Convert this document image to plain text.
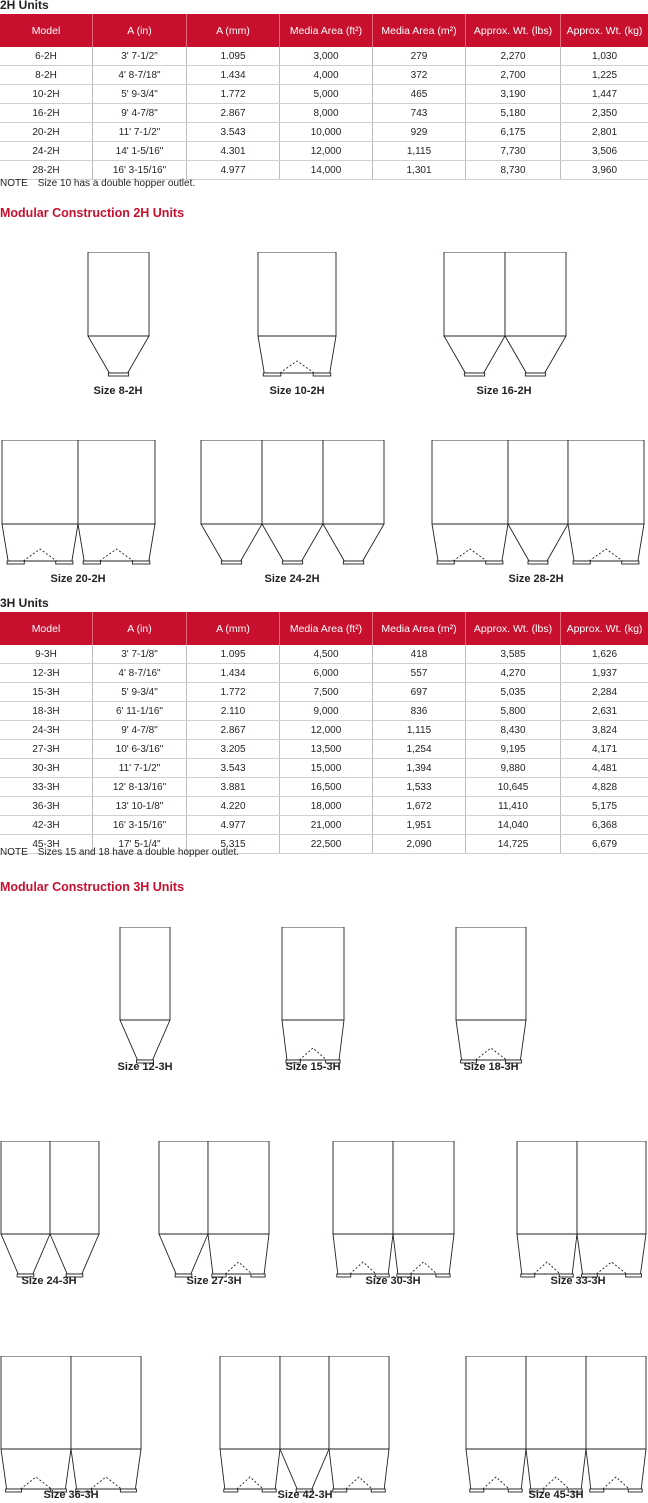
2H Units
Model	A (in)	A (mm)	Media Area (ft²)	Media Area (m²)	Approx. Wt. (lbs)	Approx. Wt. (kg)
6-2H	3' 7-1/2"	1.095	3,000	279	2,270	1,030
8-2H	4' 8-7/18"	1.434	4,000	372	2,700	1,225
10-2H	5' 9-3/4"	1.772	5,000	465	3,190	1,447
16-2H	9' 4-7/8"	2.867	8,000	743	5,180	2,350
20-2H	11' 7-1/2"	3.543	10,000	929	6,175	2,801
24-2H	14' 1-5/16"	4.301	12,000	1,115	7,730	3,506
28-2H	16' 3-15/16"	4.977	14,000	1,301	8,730	3,960
NOTE Size 10 has a double hopper outlet.
Modular Construction 2H Units
Size 8-2H	Size 10-2H	Size 16-2H
Size 20-2H	Size 24-2H	Size 28-2H
3H Units
Model	A (in)	A (mm)	Media Area (ft²)	Media Area (m²)	Approx. Wt. (lbs)	Approx. Wt. (kg)
9-3H	3' 7-1/8"	1.095	4,500	418	3,585	1,626
12-3H	4' 8-7/16"	1.434	6,000	557	4,270	1,937
15-3H	5' 9-3/4"	1.772	7,500	697	5,035	2,284
18-3H	6' 11-1/16"	2.110	9,000	836	5,800	2,631
24-3H	9' 4-7/8"	2.867	12,000	1,115	8,430	3,824
27-3H	10' 6-3/16"	3.205	13,500	1,254	9,195	4,171
30-3H	11' 7-1/2"	3.543	15,000	1,394	9,880	4,481
33-3H	12' 8-13/16"	3.881	16,500	1,533	10,645	4,828
36-3H	13' 10-1/8"	4.220	18,000	1,672	11,410	5,175
42-3H	16' 3-15/16"	4.977	21,000	1,951	14,040	6,368
45-3H	17' 5-1/4"	5.315	22,500	2,090	14,725	6,679
NOTE Sizes 15 and 18 have a double hopper outlet.
Modular Construction 3H Units
Size 12-3H	Size 15-3H	Size 18-3H
Size 24-3H	Size 27-3H	Size 30-3H	Size 33-3H
Size 36-3H	Size 42-3H	Size 45-3H
